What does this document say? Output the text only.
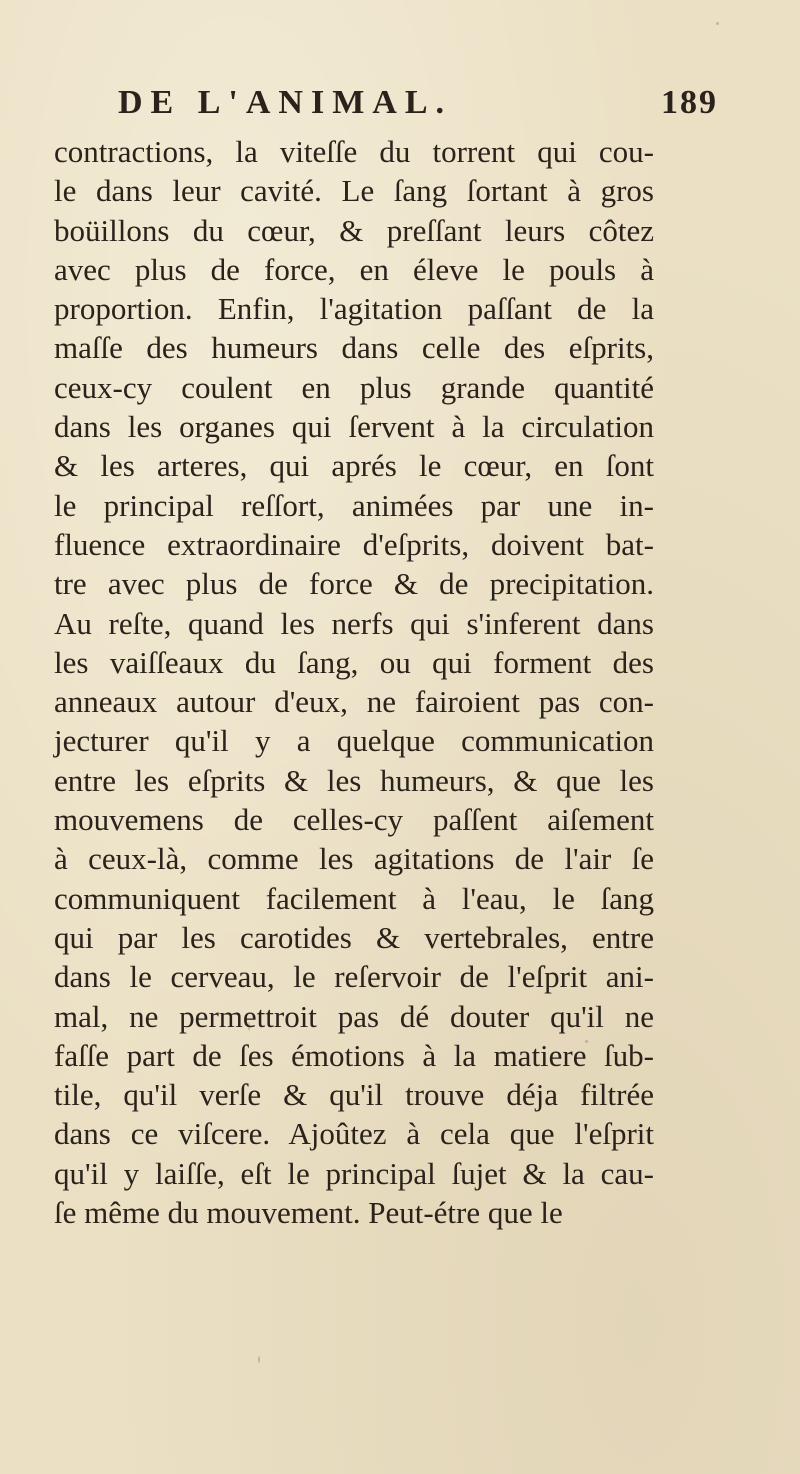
DE L'ANIMAL.	189
contractions, la viteſſe du torrent qui cou-
le dans leur cavité. Le ſang ſortant à gros
boüillons du cœur, & preſſant leurs côtez
avec plus de force, en éleve le pouls à
proportion. Enfin, l'agitation paſſant de la
maſſe des humeurs dans celle des eſprits,
ceux-cy coulent en plus grande quantité
dans les organes qui ſervent à la circulation
& les arteres, qui aprés le cœur, en ſont
le principal reſſort, animées par une in-
fluence extraordinaire d'eſprits, doivent bat-
tre avec plus de force & de precipitation.
Au reſte, quand les nerfs qui s'inferent dans
les vaiſſeaux du ſang, ou qui forment des
anneaux autour d'eux, ne fairoient pas con-
jecturer qu'il y a quelque communication
entre les eſprits & les humeurs, & que les
mouvemens de celles-cy paſſent aiſement
à ceux-là, comme les agitations de l'air ſe
communiquent facilement à l'eau, le ſang
qui par les carotides & vertebrales, entre
dans le cerveau, le reſervoir de l'eſprit ani-
mal, ne permettroit pas dé douter qu'il ne
faſſe part de ſes émotions à la matiere ſub-
tile, qu'il verſe & qu'il trouve déja filtrée
dans ce viſcere. Ajoûtez à cela que l'eſprit
qu'il y laiſſe, eſt le principal ſujet & la cau-
ſe même du mouvement. Peut-étre que le
